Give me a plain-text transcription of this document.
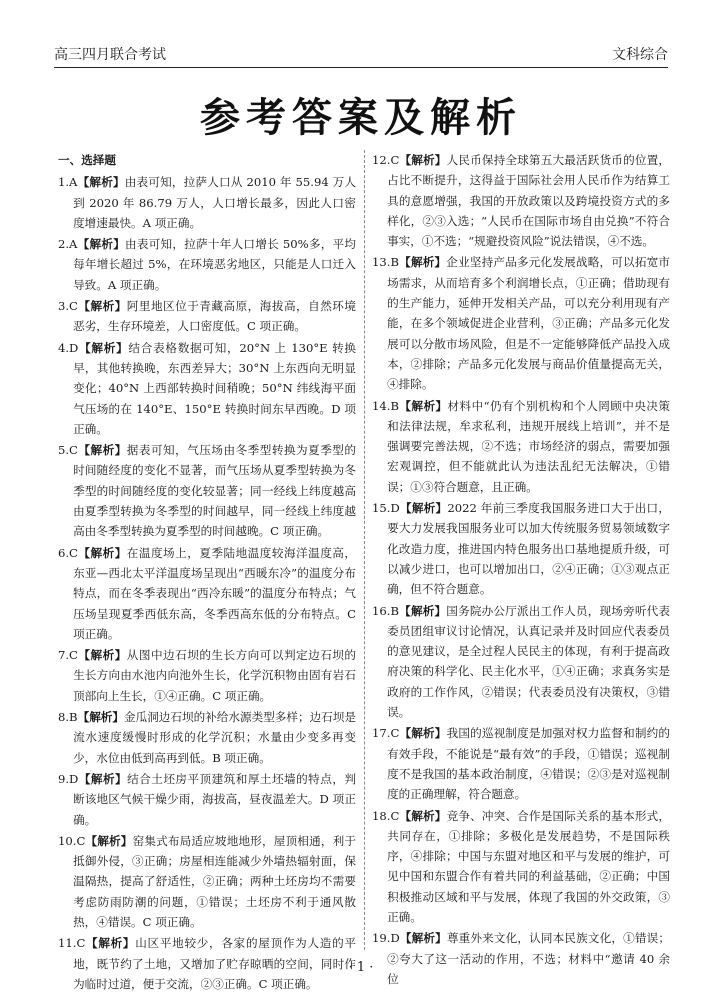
高三四月联合考试	文科综合
参考答案及解析
一、选择题
1.A【解析】由表可知，拉萨人口从 2010 年 55.94 万人到 2020 年 86.79 万人，人口增长最多，因此人口密度增速最快。A 项正确。
2.A【解析】由表可知，拉萨十年人口增长 50%多，平均每年增长超过 5%，在环境恶劣地区，只能是人口迁入导致。A 项正确。
3.C【解析】阿里地区位于青藏高原，海拔高，自然环境恶劣，生存环境差，人口密度低。C 项正确。
4.D【解析】结合表格数据可知，20°N 上 130°E 转换早，其他转换晚，东西差异大；30°N 上东西向无明显变化；40°N 上西部转换时间稍晚；50°N 纬线海平面气压场的在 140°E、150°E 转换时间东早西晚。D 项正确。
5.C【解析】据表可知，气压场由冬季型转换为夏季型的时间随经度的变化不显著，而气压场从夏季型转换为冬季型的时间随经度的变化较显著；同一经线上纬度越高由夏季型转换为冬季型的时间越早，同一经线上纬度越高由冬季型转换为夏季型的时间越晚。C 项正确。
6.C【解析】在温度场上，夏季陆地温度较海洋温度高，东亚—西北太平洋温度场呈现出“西暖东冷”的温度分布特点，而在冬季表现出“西冷东暖”的温度分布特点；气压场呈现夏季西低东高，冬季西高东低的分布特点。C 项正确。
7.C【解析】从图中边石坝的生长方向可以判定边石坝的生长方向由水池内向池外生长，化学沉积物由固有岩石顶部向上生长，①④正确。C 项正确。
8.B【解析】金瓜洞边石坝的补给水源类型多样；边石坝是流水速度缓慢时形成的化学沉积；水量由少变多再变少，水位由低到高再到低。B 项正确。
9.D【解析】结合土坯房平顶建筑和厚土坯墙的特点，判断该地区气候干燥少雨，海拔高，昼夜温差大。D 项正确。
10.C【解析】窑集式布局适应坡地地形，屋顶相通，利于抵御外侵，③正确；房屋相连能减少外墙热辐射面，保温隔热，提高了舒适性，②正确；两种土坯房均不需要考虑防雨防潮的问题，①错误；土坯房不利于通风散热，④错误。C 项正确。
11.C【解析】山区平地较少，各家的屋顶作为人造的平地，既节约了土地，又增加了贮存晾晒的空间，同时作为临时过道，便于交流，②③正确。C 项正确。
12.C【解析】人民币保持全球第五大最活跃货币的位置，占比不断提升，这得益于国际社会用人民币作为结算工具的意愿增强，我国的开放政策以及跨境投资方式的多样化，②③入选；“人民币在国际市场自由兑换”不符合事实，①不选；“规避投资风险”说法错误，④不选。
13.B【解析】企业坚持产品多元化发展战略，可以拓宽市场需求，从而培育多个利润增长点，①正确；借助现有的生产能力，延伸开发相关产品，可以充分利用现有产能，在多个领域促进企业营利，③正确；产品多元化发展可以分散市场风险，但是不一定能够降低产品投入成本，②排除；产品多元化发展与商品价值量提高无关，④排除。
14.B【解析】材料中“仍有个别机构和个人罔顾中央决策和法律法规，牟求私利，违规开展线上培训”，并不是强调要完善法规，②不选；市场经济的弱点，需要加强宏观调控，但不能就此认为违法乱纪无法解决，①错误；①③符合题意，且正确。
15.D【解析】2022 年前三季度我国服务进口大于出口，要大力发展我国服务业可以加大传统服务贸易领域数字化改造力度，推进国内特色服务出口基地提质升级，可以减少进口，也可以增加出口，②④正确；①③观点正确，但不符合题意。
16.B【解析】国务院办公厅派出工作人员，现场旁听代表委员团组审议讨论情况，认真记录并及时回应代表委员的意见建议，是全过程人民民主的体现，有利于提高政府决策的科学化、民主化水平，①④正确；求真务实是政府的工作作风，②错误；代表委员没有决策权，③错误。
17.C【解析】我国的巡视制度是加强对权力监督和制约的有效手段，不能说是“最有效”的手段，①错误；巡视制度不是我国的基本政治制度，④错误；②③是对巡视制度的正确理解，符合题意。
18.C【解析】竞争、冲突、合作是国际关系的基本形式，共同存在，①排除；多极化是发展趋势，不是国际秩序，④排除；中国与东盟对地区和平与发展的维护，可见中国和东盟合作有着共同的利益基础，②正确；中国积极推动区域和平与发展，体现了我国的外交政策，③正确。
19.D【解析】尊重外来文化，认同本民族文化，①错误；②夸大了这一活动的作用，不选；材料中“邀请 40 余位
· 1 ·
